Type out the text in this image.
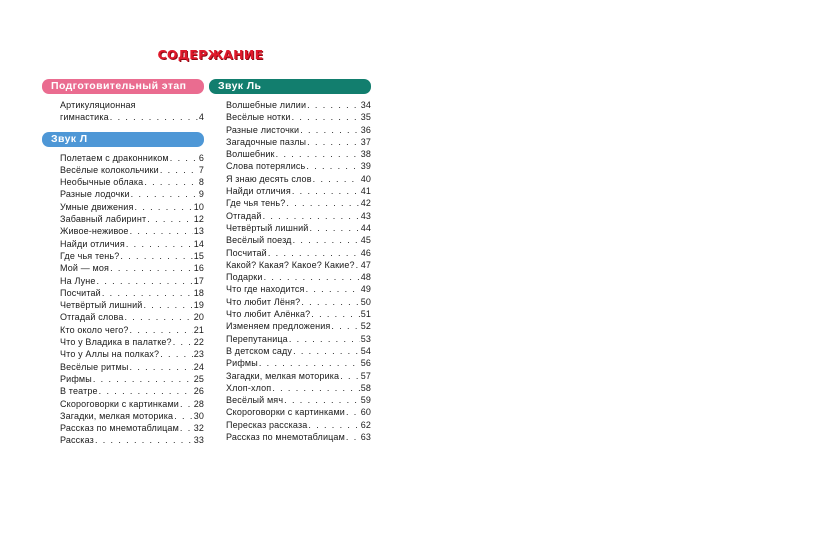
СОДЕРЖАНИЕ
Подготовительный этап
Артикуляционная
гимнастика . . .	4
Звук Л
Полетаем с драконником . . .	6
Весёлые колокольчики . . .	7
Необычные облака . . .	8
Разные лодочки . . .	9
Умные движения . . .	10
Забавный лабиринт . . .	12
Живое-неживое . . .	13
Найди отличия . . .	14
Где чья тень? . . .	15
Мой — моя . . .	16
На Луне . . .	17
Посчитай . . .	18
Четвёртый лишний . . .	19
Отгадай слова . . .	20
Кто около чего? . . .	21
Что у Владика в палатке? . . . 22
Что у Аллы на полках? . . .	23
Весёлые ритмы . . .	24
Рифмы . . .	25
В театре . . .	26
Скороговорки с картинками . . . 28
Загадки, мелкая моторика . . . 30
Рассказ по мнемотаблицам . . . 32
Рассказ . . .	33
Звук Ль
Волшебные лилии . . .	34
Весёлые нотки . . .	35
Разные листочки . . .	36
Загадочные пазлы . . .	37
Волшебник . . .	38
Слова потерялись . . .	39
Я знаю десять слов . . .	40
Найди отличия . . .	41
Где чья тень? . . .	42
Отгадай . . .	43
Четвёртый лишний . . .	44
Весёлый поезд . . .	45
Посчитай . . .	46
Какой? Какая? Какое? Какие? . . . 47
Подарки . . .	48
Что где находится . . .	49
Что любит Лёня? . . .	50
Что любит Алёнка? . . .	51
Изменяем предложения . . .	52
Перепутаница . . .	53
В детском саду . . .	54
Рифмы . . .	56
Загадки, мелкая моторика . . . 57
Хлоп-хлоп . . .	58
Весёлый мяч . . .	59
Скороговорки с картинками . . . 60
Пересказ рассказа . . .	62
Рассказ по мнемотаблицам . . . 63
